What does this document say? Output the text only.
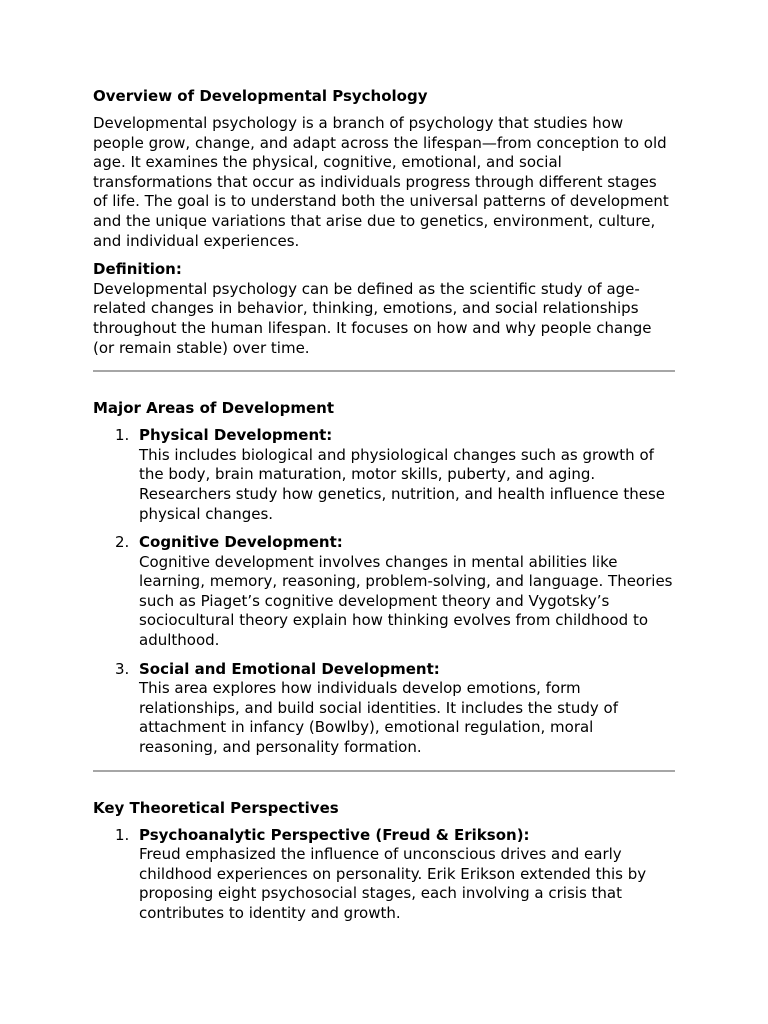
Overview of Developmental Psychology

Developmental psychology is a branch of psychology that studies how people grow, change, and adapt across the lifespan—from conception to old age. It examines the physical, cognitive, emotional, and social transformations that occur as individuals progress through different stages of life. The goal is to understand both the universal patterns of development and the unique variations that arise due to genetics, environment, culture, and individual experiences.

Definition:

Developmental psychology can be defined as the scientific study of age-related changes in behavior, thinking, emotions, and social relationships throughout the human lifespan. It focuses on how and why people change (or remain stable) over time.

Major Areas of Development

1. Physical Development:
This includes biological and physiological changes such as growth of the body, brain maturation, motor skills, puberty, and aging. Researchers study how genetics, nutrition, and health influence these physical changes.
2. Cognitive Development:
Cognitive development involves changes in mental abilities like learning, memory, reasoning, problem-solving, and language. Theories such as Piaget’s cognitive development theory and Vygotsky’s sociocultural theory explain how thinking evolves from childhood to adulthood.
3. Social and Emotional Development:
This area explores how individuals develop emotions, form relationships, and build social identities. It includes the study of attachment in infancy (Bowlby), emotional regulation, moral reasoning, and personality formation.

Key Theoretical Perspectives

1. Psychoanalytic Perspective (Freud & Erikson):
Freud emphasized the influence of unconscious drives and early childhood experiences on personality. Erik Erikson extended this by proposing eight psychosocial stages, each involving a crisis that contributes to identity and growth.
